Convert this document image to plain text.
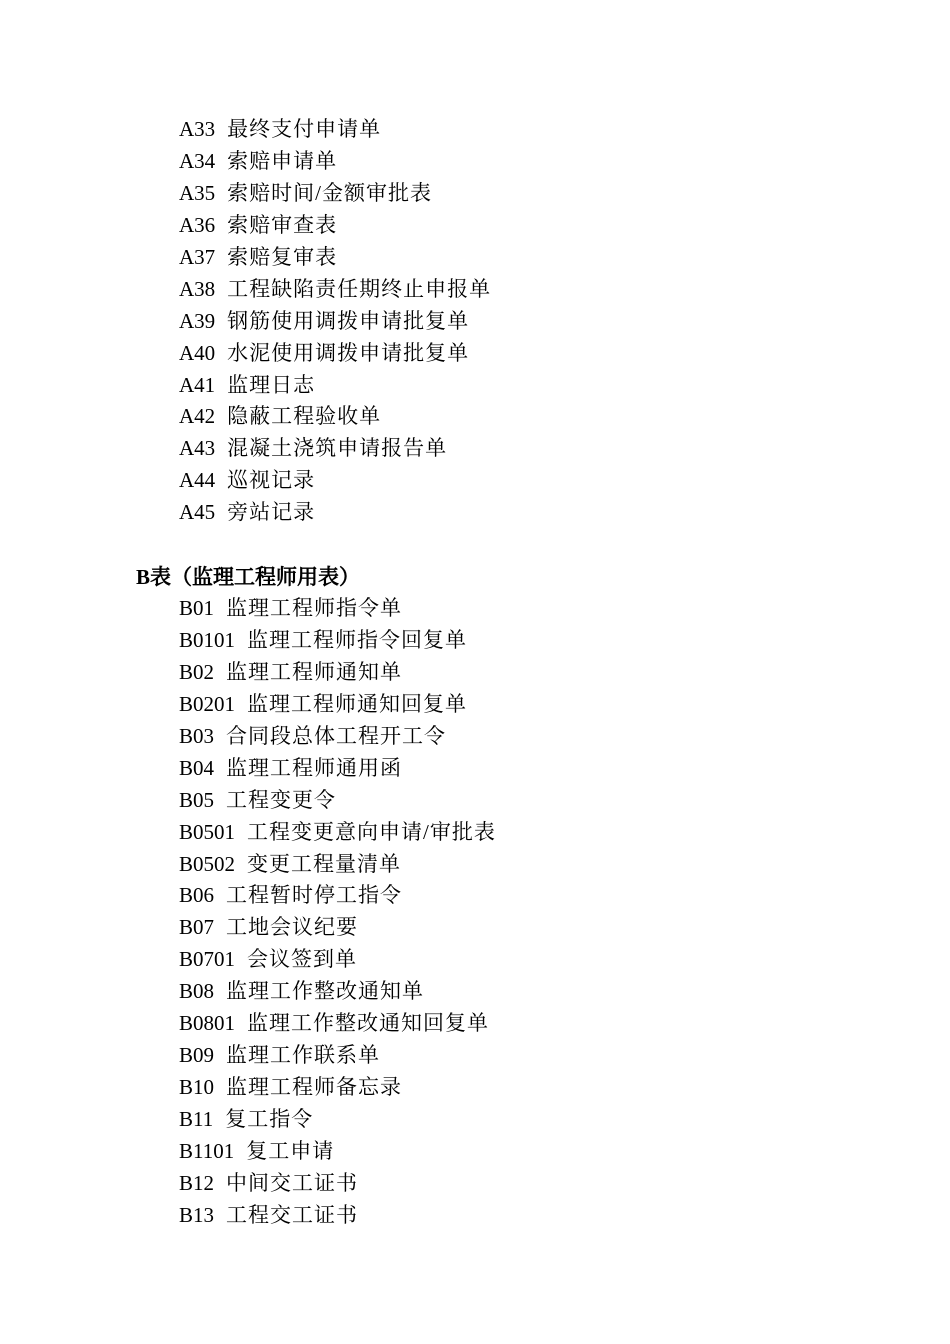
A33 最终支付申请单
A34 索赔申请单
A35 索赔时间/金额审批表
A36 索赔审查表
A37 索赔复审表
A38 工程缺陷责任期终止申报单
A39 钢筋使用调拨申请批复单
A40 水泥使用调拨申请批复单
A41 监理日志
A42 隐蔽工程验收单
A43 混凝土浇筑申请报告单
A44 巡视记录
A45 旁站记录
B表（监理工程师用表）
B01 监理工程师指令单
B0101 监理工程师指令回复单
B02 监理工程师通知单
B0201 监理工程师通知回复单
B03 合同段总体工程开工令
B04 监理工程师通用函
B05 工程变更令
B0501 工程变更意向申请/审批表
B0502 变更工程量清单
B06 工程暂时停工指令
B07 工地会议纪要
B0701 会议签到单
B08 监理工作整改通知单
B0801 监理工作整改通知回复单
B09 监理工作联系单
B10 监理工程师备忘录
B11 复工指令
B1101 复工申请
B12 中间交工证书
B13 工程交工证书
